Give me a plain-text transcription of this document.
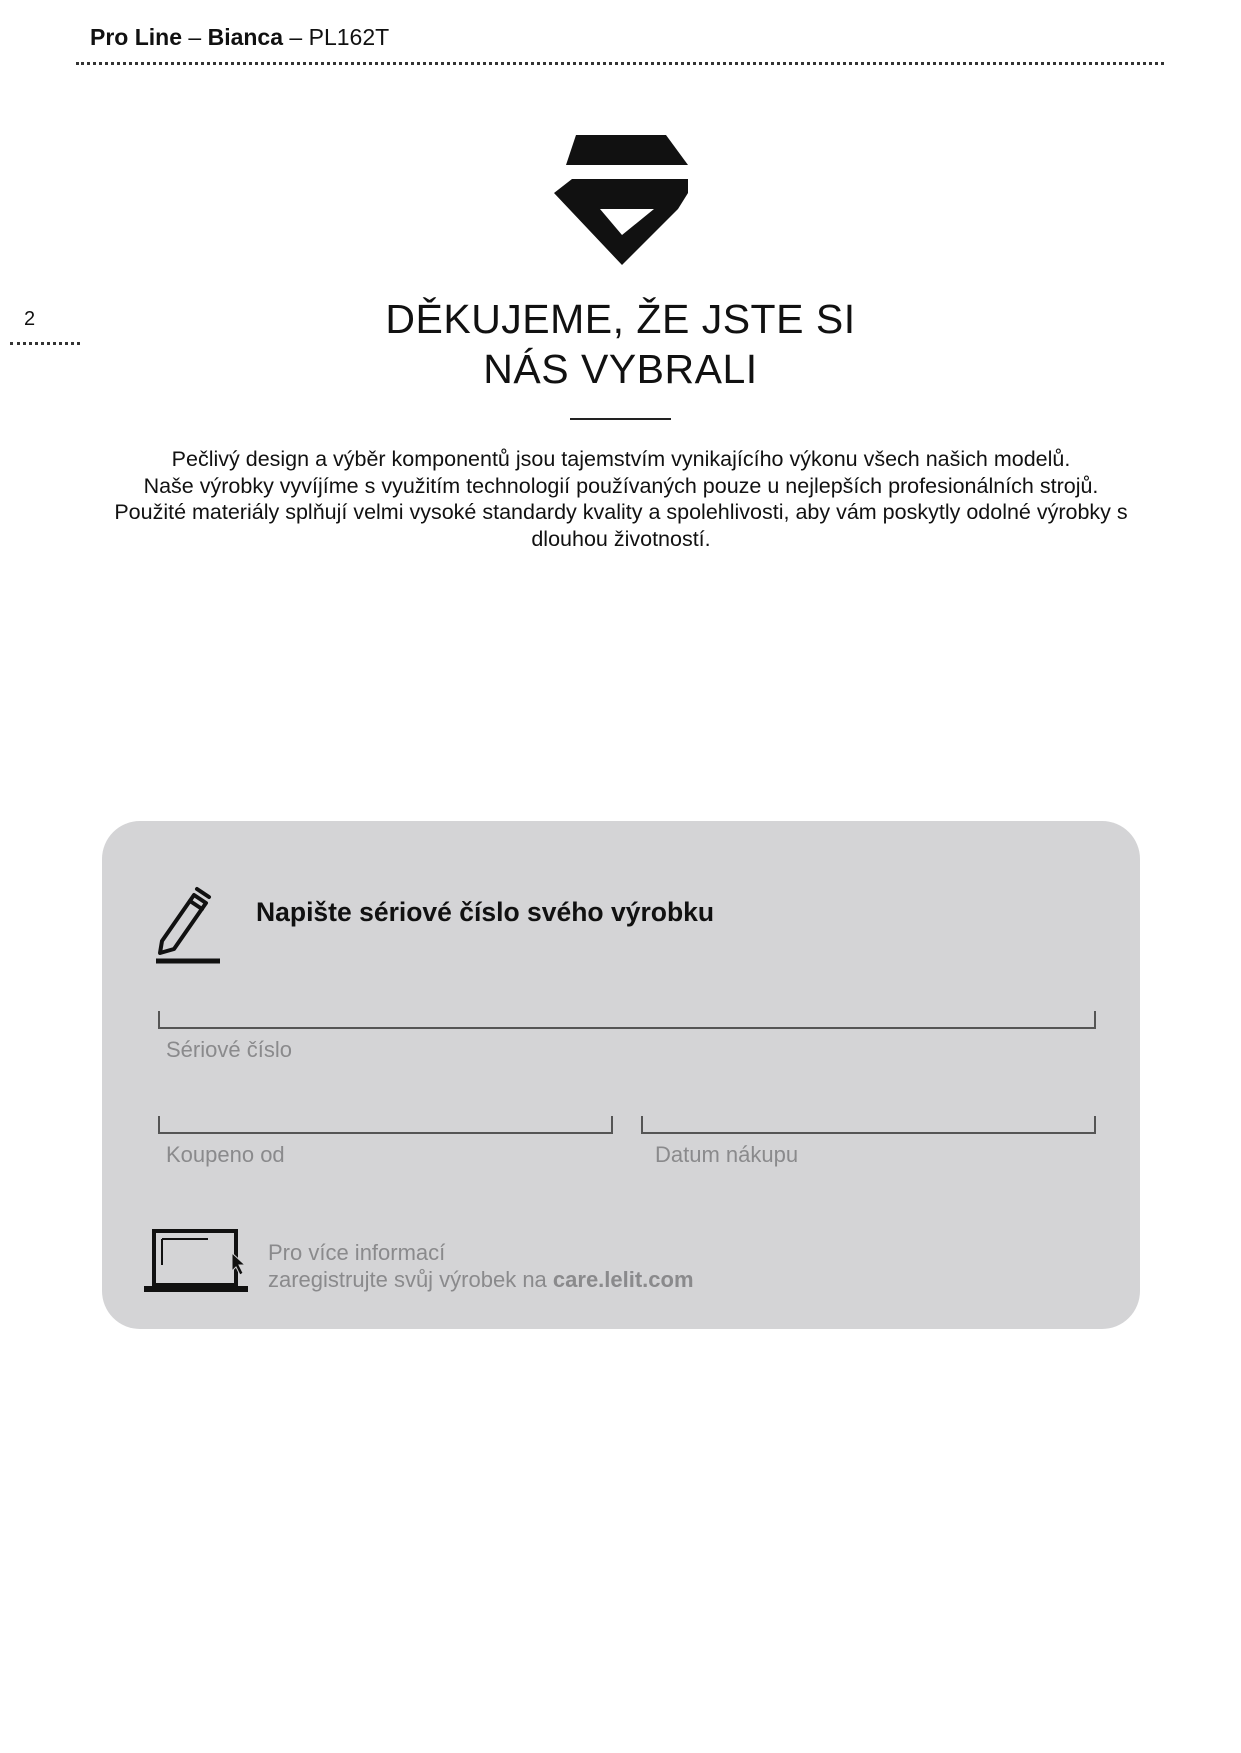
Pro Line – Bianca – PL162T
2	DĚKUJEME, ŽE JSTE SI
NÁS VYBRALI

Pečlivý design a výběr komponentů jsou tajemstvím vynikajícího výkonu všech našich modelů.

Naše výrobky vyvíjíme s využitím technologií používaných pouze u nejlepších profesionálních strojů.

Použité materiály splňují velmi vysoké standardy kvality a spolehlivosti, aby vám poskytly odolné výrobky s dlouhou životností.

Napište sériové číslo svého výrobku
Sériové číslo
Koupeno od	Datum nákupu

Pro více informací

zaregistrujte svůj výrobek na care.lelit.com
